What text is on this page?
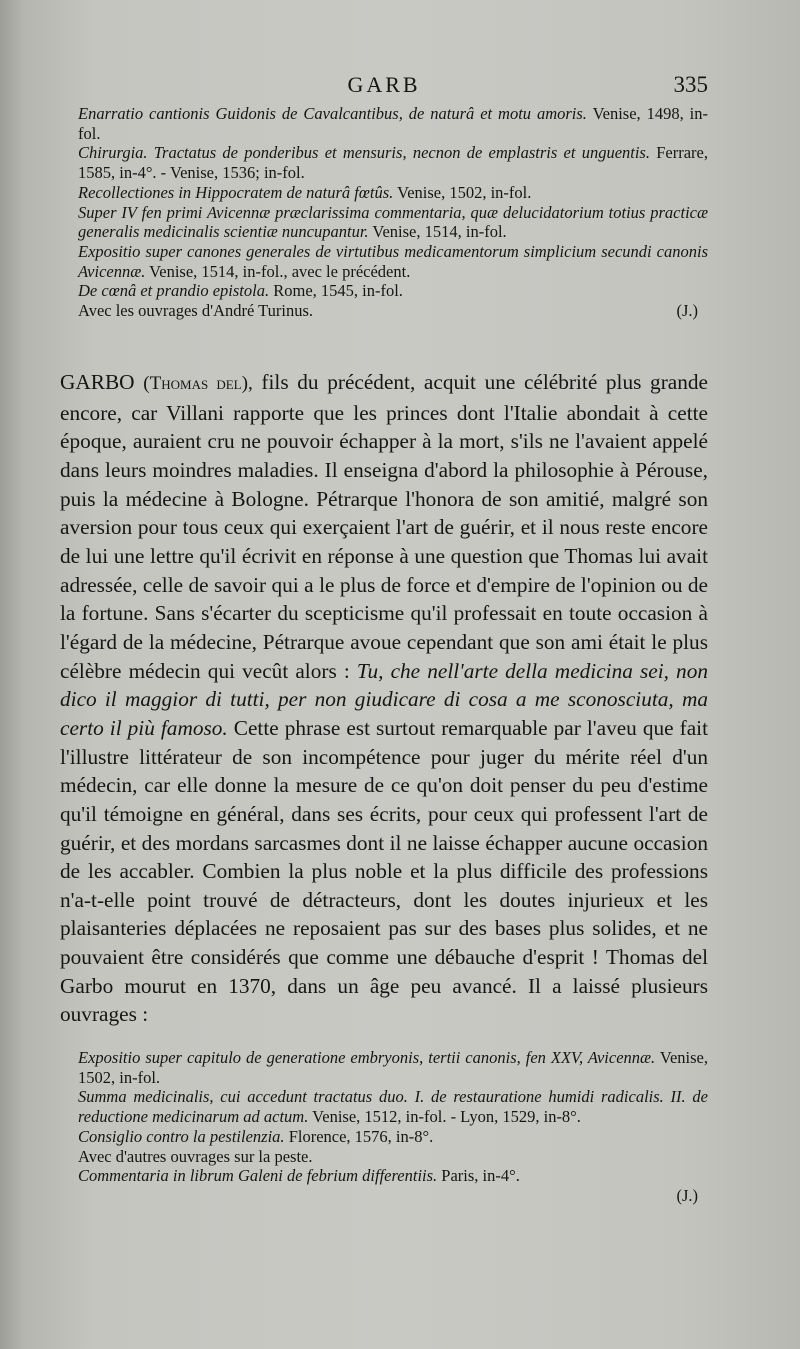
GARB	335

Enarratio cantionis Guidonis de Cavalcantibus, de naturâ et motu amoris. Venise, 1498, in-fol.

Chirurgia. Tractatus de ponderibus et mensuris, necnon de emplastris et unguentis. Ferrare, 1585, in-4°. - Venise, 1536; in-fol.

Recollectiones in Hippocratem de naturâ fœtûs. Venise, 1502, in-fol.

Super IV fen primi Avicennæ præclarissima commentaria, quæ delucidatorium totius practicæ generalis medicinalis scientiæ nuncupantur. Venise, 1514, in-fol.

Expositio super canones generales de virtutibus medicamentorum simplicium secundi canonis Avicennæ. Venise, 1514, in-fol., avec le précédent.

De cœnâ et prandio epistola. Rome, 1545, in-fol.

Avec les ouvrages d'André Turinus.	(J.)

GARBO (Thomas del), fils du précédent, acquit une célébrité plus grande encore, car Villani rapporte que les princes dont l'Italie abondait à cette époque, auraient cru ne pouvoir échapper à la mort, s'ils ne l'avaient appelé dans leurs moindres maladies. Il enseigna d'abord la philosophie à Pérouse, puis la médecine à Bologne. Pétrarque l'honora de son amitié, malgré son aversion pour tous ceux qui exerçaient l'art de guérir, et il nous reste encore de lui une lettre qu'il écrivit en réponse à une question que Thomas lui avait adressée, celle de savoir qui a le plus de force et d'empire de l'opinion ou de la fortune. Sans s'écarter du scepticisme qu'il professait en toute occasion à l'égard de la médecine, Pétrarque avoue cependant que son ami était le plus célèbre médecin qui vecût alors : Tu, che nell'arte della medicina sei, non dico il maggior di tutti, per non giudicare di cosa a me sconosciuta, ma certo il più famoso. Cette phrase est surtout remarquable par l'aveu que fait l'illustre littérateur de son incompétence pour juger du mérite réel d'un médecin, car elle donne la mesure de ce qu'on doit penser du peu d'estime qu'il témoigne en général, dans ses écrits, pour ceux qui professent l'art de guérir, et des mordans sarcasmes dont il ne laisse échapper aucune occasion de les accabler. Combien la plus noble et la plus difficile des professions n'a-t-elle point trouvé de détracteurs, dont les doutes injurieux et les plaisanteries déplacées ne reposaient pas sur des bases plus solides, et ne pouvaient être considérés que comme une débauche d'esprit ! Thomas del Garbo mourut en 1370, dans un âge peu avancé. Il a laissé plusieurs ouvrages :

Expositio super capitulo de generatione embryonis, tertii canonis, fen XXV, Avicennæ. Venise, 1502, in-fol.

Summa medicinalis, cui accedunt tractatus duo. I. de restauratione humidi radicalis. II. de reductione medicinarum ad actum. Venise, 1512, in-fol. - Lyon, 1529, in-8°.

Consiglio contro la pestilenzia. Florence, 1576, in-8°.

Avec d'autres ouvrages sur la peste.

Commentaria in librum Galeni de febrium differentiis. Paris, in-4°.

(J.)
